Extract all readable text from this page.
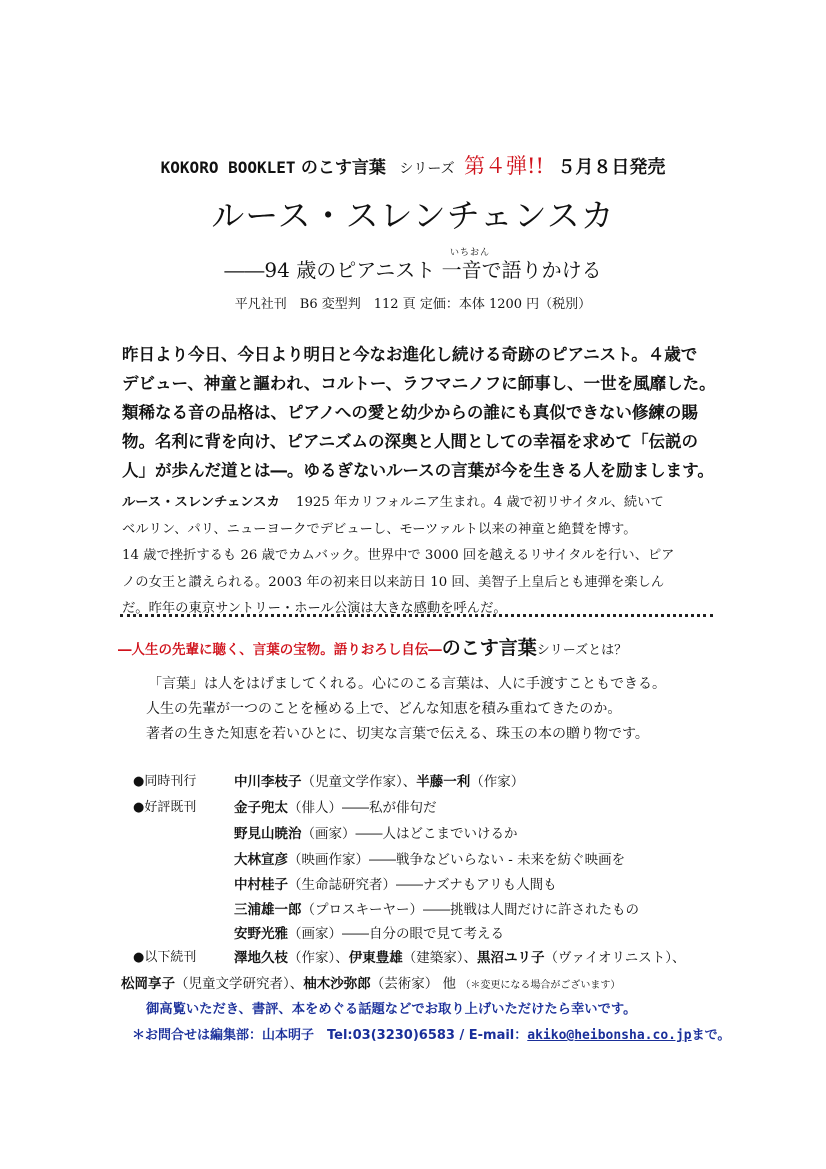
KOKORO BOOKLET のこす言葉 シリーズ 第４弾!! ５月８日発売
ルース・スレンチェンスカ
いちおん
――94 歳のピアニスト 一音で語りかける
平凡社刊　B6 変型判　112 頁 定価：本体 1200 円（税別）
昨日より今日、今日より明日と今なお進化し続ける奇跡のピアニスト。４歳で
デビュー、神童と謳われ、コルトー、ラフマニノフに師事し、一世を風靡した。
類稀なる音の品格は、ピアノへの愛と幼少からの誰にも真似できない修練の賜
物。名利に背を向け、ピアニズムの深奥と人間としての幸福を求めて「伝説の
人」が歩んだ道とは―。ゆるぎないルースの言葉が今を生きる人を励まします。
ルース・スレンチェンスカ 1925 年カリフォルニア生まれ。4 歳で初リサイタル、続いて
ベルリン、パリ、ニューヨークでデビューし、モーツァルト以来の神童と絶賛を博す。
14 歳で挫折するも 26 歳でカムバック。世界中で 3000 回を越えるリサイタルを行い、ピア
ノの女王と讃えられる。2003 年の初来日以来訪日 10 回、美智子上皇后とも連弾を楽しん
だ。昨年の東京サントリー・ホール公演は大きな感動を呼んだ。
―人生の先輩に聴く、言葉の宝物。語りおろし自伝―のこす言葉シリーズとは？
「言葉」は人をはげましてくれる。心にのこる言葉は、人に手渡すこともできる。
人生の先輩が一つのことを極める上で、どんな知恵を積み重ねてきたのか。
著者の生きた知恵を若いひとに、切実な言葉で伝える、珠玉の本の贈り物です。
●同時刊行	中川李枝子（児童文学作家）、半藤一利（作家）
●好評既刊	金子兜太（俳人）――私が俳句だ
野見山暁治（画家）――人はどこまでいけるか
大林宣彦（映画作家）――戦争などいらない - 未来を紡ぐ映画を
中村桂子（生命誌研究者）――ナズナもアリも人間も
三浦雄一郎（プロスキーヤー）――挑戦は人間だけに許されたもの
安野光雅（画家）――自分の眼で見て考える
●以下続刊	澤地久枝（作家）、伊東豊雄（建築家）、黒沼ユリ子（ヴァイオリニスト）、
松岡享子（児童文学研究者）、柚木沙弥郎（芸術家） 他 （＊変更になる場合がございます）
御高覧いただき、書評、本をめぐる話題などでお取り上げいただけたら幸いです。
＊お問合せは編集部：山本明子　Tel:03(3230)6583 / E-mail：akiko@heibonsha.co.jpまで。
